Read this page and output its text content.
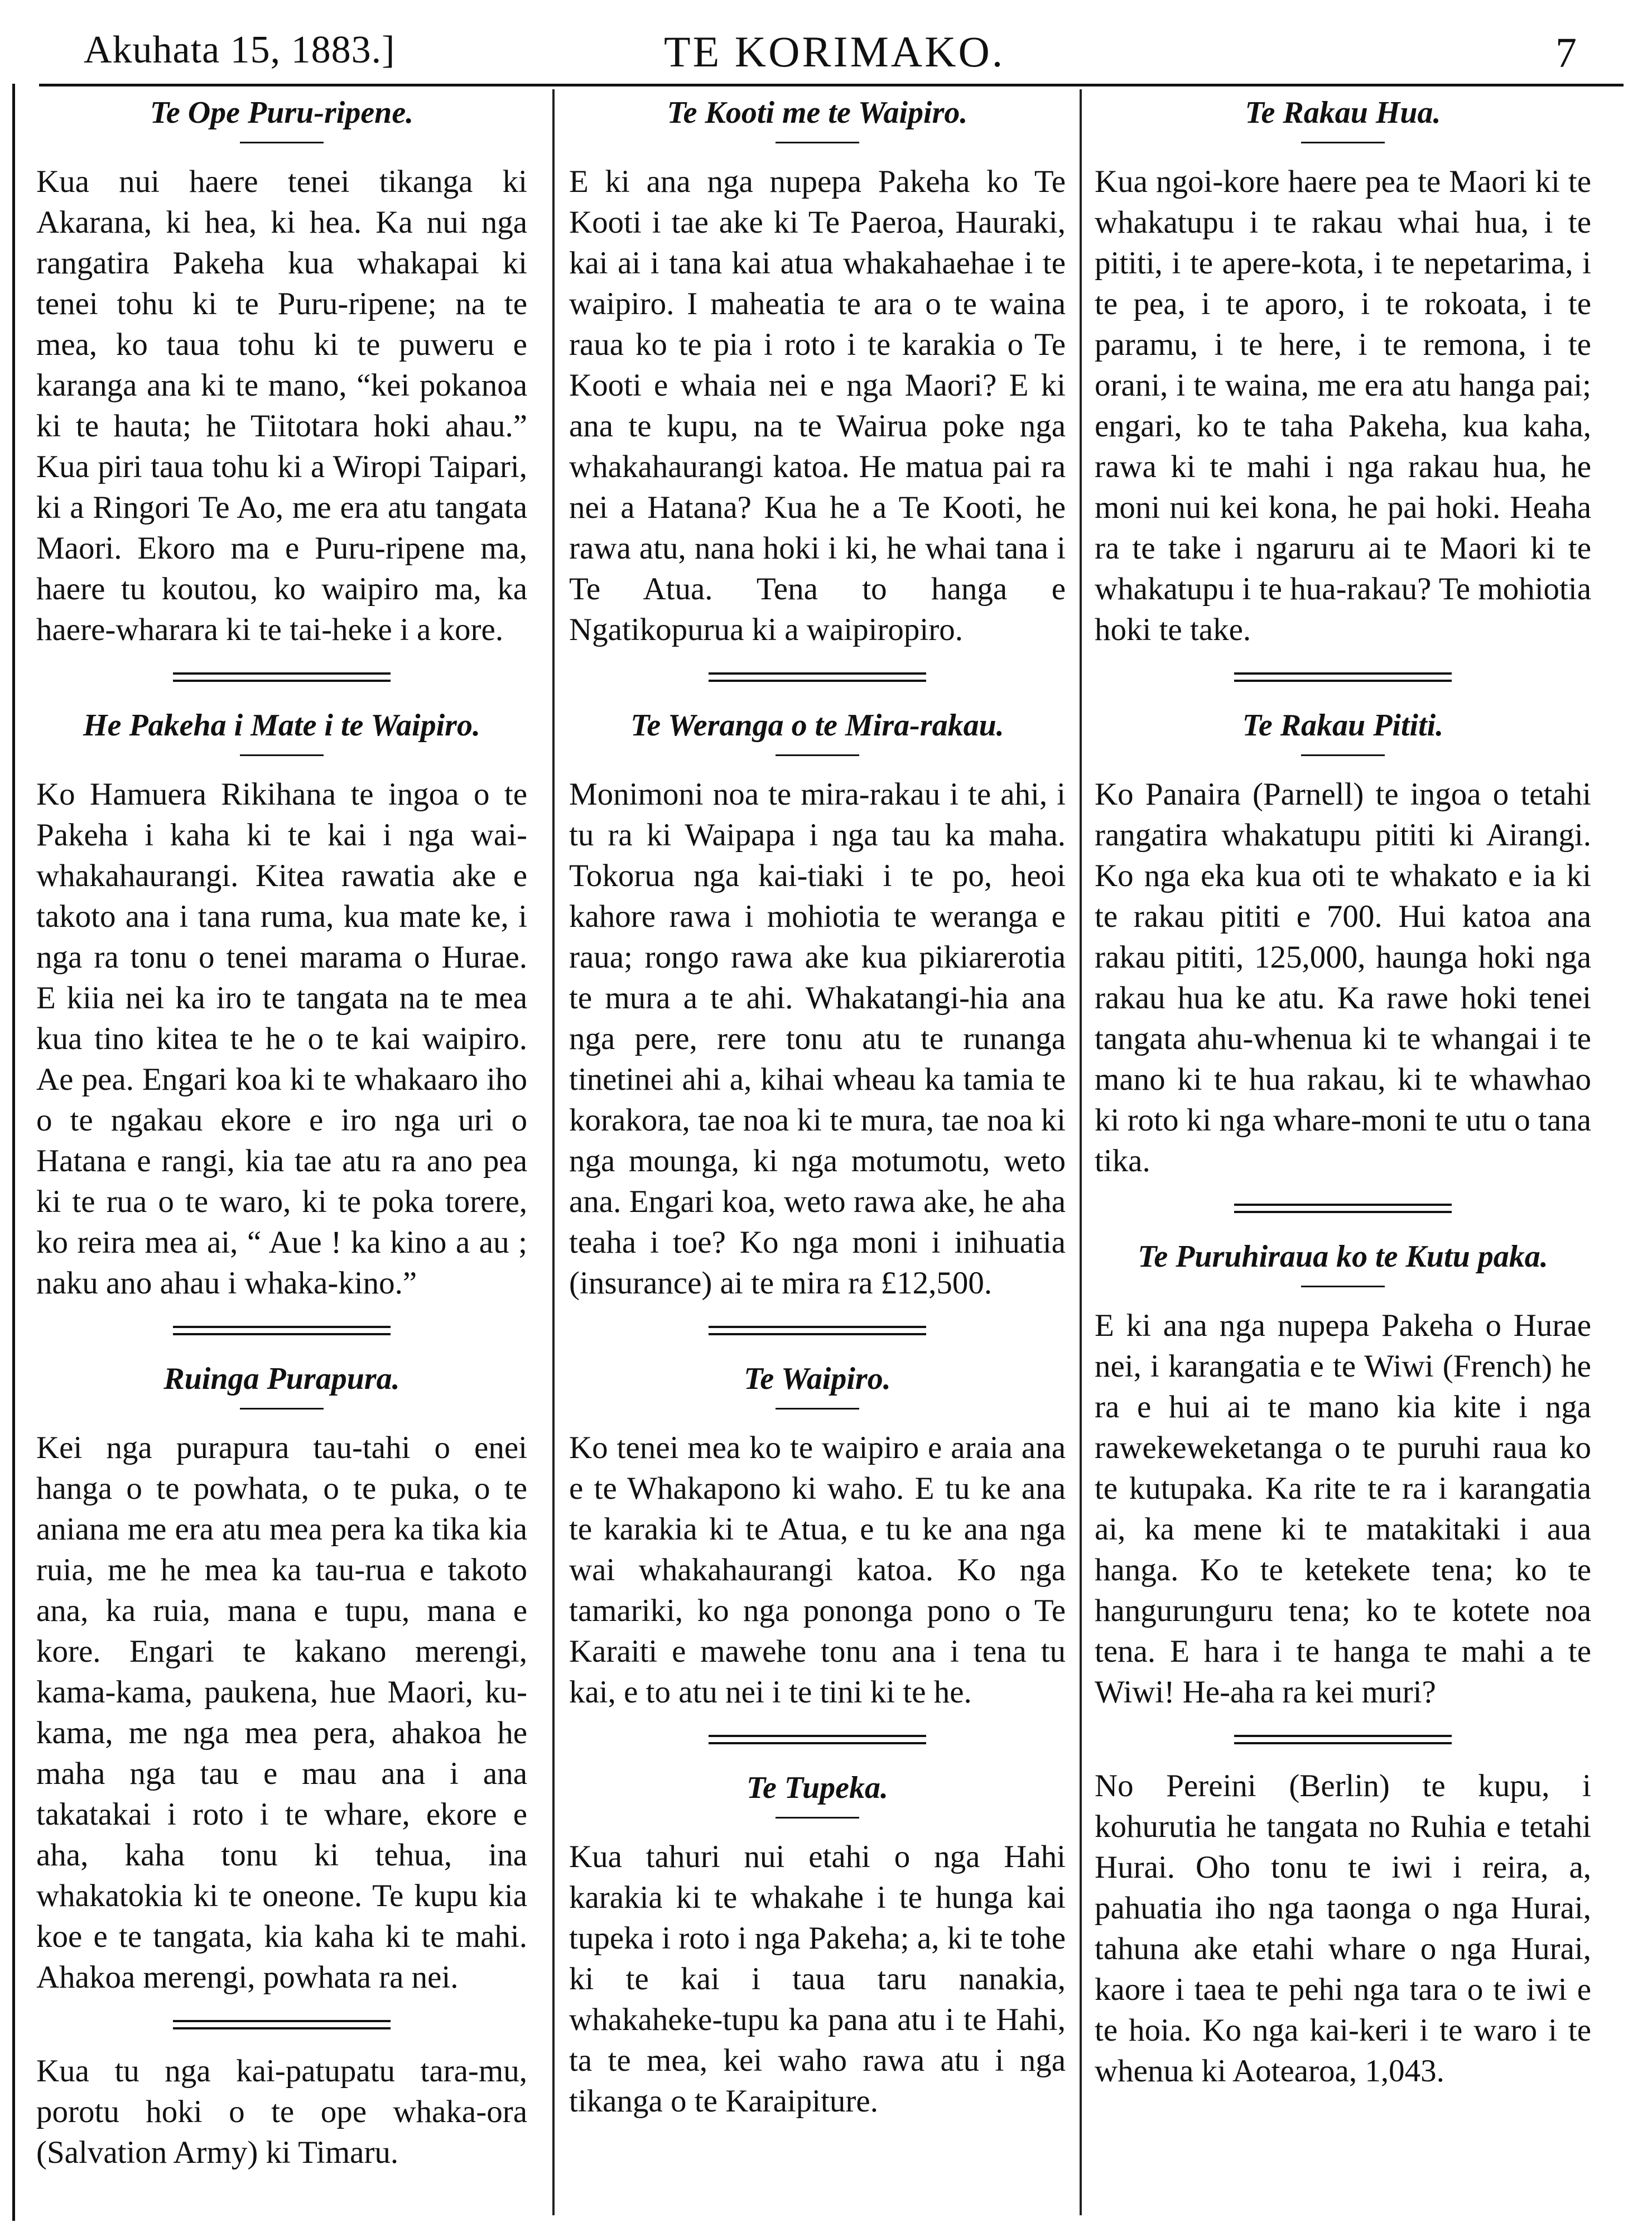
Akuhata 15, 1883.]	TE KORIMAKO.	7
Te Ope Puru-ripene.

Kua nui haere tenei tikanga ki Akarana, ki hea, ki hea. Ka nui nga rangatira Pakeha kua whakapai ki tenei tohu ki te Puru-ripene; na te mea, ko taua tohu ki te puweru e karanga ana ki te mano, “kei pokanoa ki te hauta; he Tiitotara hoki ahau.” Kua piri taua tohu ki a Wiropi Taipari, ki a Ringori Te Ao, me era atu tangata Maori. Ekoro ma e Puru-ripene ma, haere tu koutou, ko waipiro ma, ka haere-wharara ki te tai-heke i a kore.

He Pakeha i Mate i te Waipiro.

Ko Hamuera Rikihana te ingoa o te Pakeha i kaha ki te kai i nga wai-whakahaurangi. Kitea rawatia ake e takoto ana i tana ruma, kua mate ke, i nga ra tonu o tenei marama o Hurae. E kiia nei ka iro te tangata na te mea kua tino kitea te he o te kai waipiro. Ae pea. Engari koa ki te whakaaro iho o te ngakau ekore e iro nga uri o Hatana e rangi, kia tae atu ra ano pea ki te rua o te waro, ki te poka torere, ko reira mea ai, “ Aue ! ka kino a au ; naku ano ahau i whaka-kino.”

Ruinga Purapura.

Kei nga purapura tau-tahi o enei hanga o te powhata, o te puka, o te aniana me era atu mea pera ka tika kia ruia, me he mea ka tau-rua e takoto ana, ka ruia, mana e tupu, mana e kore. Engari te kakano merengi, kama-kama, paukena, hue Maori, ku-kama, me nga mea pera, ahakoa he maha nga tau e mau ana i ana takatakai i roto i te whare, ekore e aha, kaha tonu ki tehua, ina whakatokia ki te oneone. Te kupu kia koe e te tangata, kia kaha ki te mahi. Ahakoa merengi, powhata ra nei.

Kua tu nga kai-patupatu tara-mu, porotu hoki o te ope whaka-ora (Salvation Army) ki Timaru.

Te Kooti me te Waipiro.

E ki ana nga nupepa Pakeha ko Te Kooti i tae ake ki Te Paeroa, Hauraki, kai ai i tana kai atua whakahaehae i te waipiro. I maheatia te ara o te waina raua ko te pia i roto i te karakia o Te Kooti e whaia nei e nga Maori? E ki ana te kupu, na te Wairua poke nga whakahaurangi katoa. He matua pai ra nei a Hatana? Kua he a Te Kooti, he rawa atu, nana hoki i ki, he whai tana i Te Atua. Tena to hanga e Ngatikopurua ki a waipiropiro.

Te Weranga o te Mira-rakau.

Monimoni noa te mira-rakau i te ahi, i tu ra ki Waipapa i nga tau ka maha. Tokorua nga kai-tiaki i te po, heoi kahore rawa i mohiotia te weranga e raua; rongo rawa ake kua pikiarerotia te mura a te ahi. Whakatangi-hia ana nga pere, rere tonu atu te runanga tinetinei ahi a, kihai wheau ka tamia te korakora, tae noa ki te mura, tae noa ki nga mounga, ki nga motumotu, weto ana. Engari koa, weto rawa ake, he aha teaha i toe? Ko nga moni i inihuatia (insurance) ai te mira ra £12,500.

Te Waipiro.

Ko tenei mea ko te waipiro e araia ana e te Whakapono ki waho. E tu ke ana te karakia ki te Atua, e tu ke ana nga wai whakahaurangi katoa. Ko nga tamariki, ko nga pononga pono o Te Karaiti e mawehe tonu ana i tena tu kai, e to atu nei i te tini ki te he.

Te Tupeka.

Kua tahuri nui etahi o nga Hahi karakia ki te whakahe i te hunga kai tupeka i roto i nga Pakeha; a, ki te tohe ki te kai i taua taru nanakia, whakaheke-tupu ka pana atu i te Hahi, ta te mea, kei waho rawa atu i nga tikanga o te Karaipiture.

Te Rakau Hua.

Kua ngoi-kore haere pea te Maori ki te whakatupu i te rakau whai hua, i te pititi, i te apere-kota, i te nepetarima, i te pea, i te aporo, i te rokoata, i te paramu, i te here, i te remona, i te orani, i te waina, me era atu hanga pai; engari, ko te taha Pakeha, kua kaha, rawa ki te mahi i nga rakau hua, he moni nui kei kona, he pai hoki. Heaha ra te take i ngaruru ai te Maori ki te whakatupu i te hua-rakau? Te mohiotia hoki te take.

Te Rakau Pititi.

Ko Panaira (Parnell) te ingoa o tetahi rangatira whakatupu pititi ki Airangi. Ko nga eka kua oti te whakato e ia ki te rakau pititi e 700. Hui katoa ana rakau pititi, 125,000, haunga hoki nga rakau hua ke atu. Ka rawe hoki tenei tangata ahu-whenua ki te whangai i te mano ki te hua rakau, ki te whawhao ki roto ki nga whare-moni te utu o tana tika.

Te Puruhiraua ko te Kutu paka.

E ki ana nga nupepa Pakeha o Hurae nei, i karangatia e te Wiwi (French) he ra e hui ai te mano kia kite i nga rawekeweketanga o te puruhi raua ko te kutupaka. Ka rite te ra i karangatia ai, ka mene ki te matakitaki i aua hanga. Ko te ketekete tena; ko te hangurunguru tena; ko te kotete noa tena. E hara i te hanga te mahi a te Wiwi! He-aha ra kei muri?

No Pereini (Berlin) te kupu, i kohurutia he tangata no Ruhia e tetahi Hurai. Oho tonu te iwi i reira, a, pahuatia iho nga taonga o nga Hurai, tahuna ake etahi whare o nga Hurai, kaore i taea te pehi nga tara o te iwi e te hoia. Ko nga kai-keri i te waro i te whenua ki Aotearoa, 1,043.
